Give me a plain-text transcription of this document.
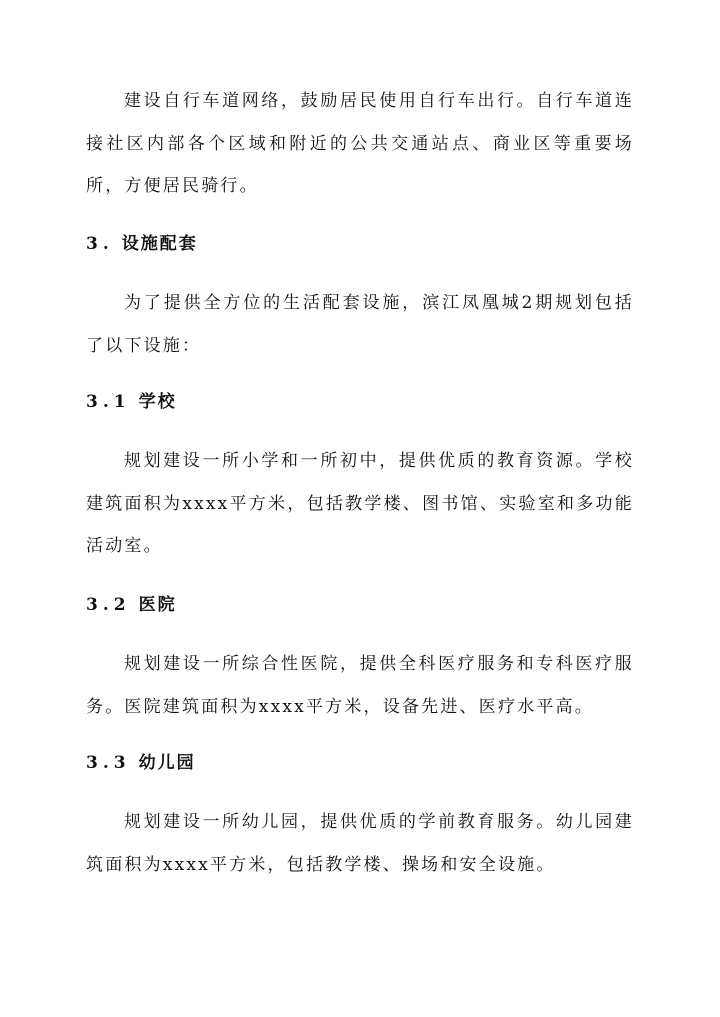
建设自行车道网络，鼓励居民使用自行车出行。自行车道连接社区内部各个区域和附近的公共交通站点、商业区等重要场所，方便居民骑行。

3. 设施配套

为了提供全方位的生活配套设施，滨江凤凰城2期规划包括了以下设施：

3.1 学校

规划建设一所小学和一所初中，提供优质的教育资源。学校建筑面积为xxxx平方米，包括教学楼、图书馆、实验室和多功能活动室。

3.2 医院

规划建设一所综合性医院，提供全科医疗服务和专科医疗服务。医院建筑面积为xxxx平方米，设备先进、医疗水平高。

3.3 幼儿园

规划建设一所幼儿园，提供优质的学前教育服务。幼儿园建筑面积为xxxx平方米，包括教学楼、操场和安全设施。
